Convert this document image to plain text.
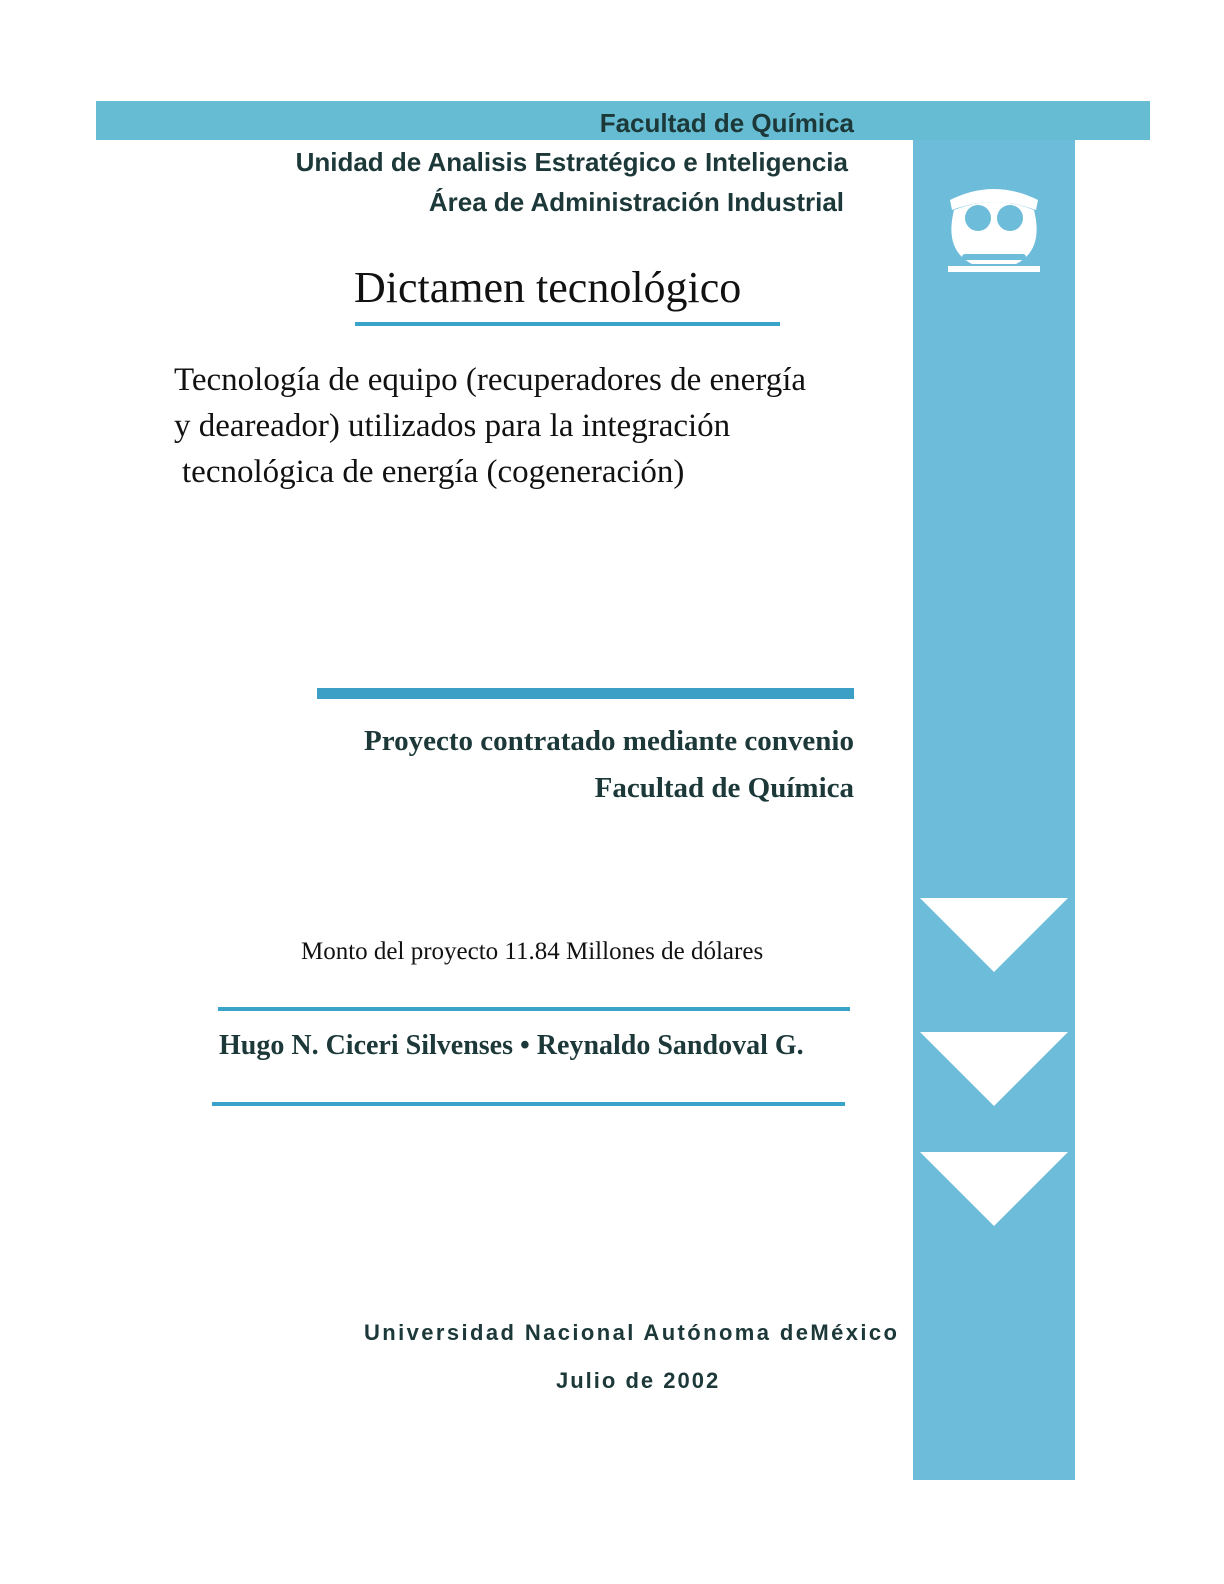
Facultad de Química
Unidad de Analisis Estratégico e Inteligencia
Área de Administración Industrial
Dictamen tecnológico
Tecnología de equipo (recuperadores de energía
y deareador) utilizados para la integración
tecnológica de energía (cogeneración)
Proyecto contratado mediante convenio
Facultad de Química
Monto del proyecto 11.84 Millones de dólares
Hugo N. Ciceri Silvenses • Reynaldo Sandoval G.
Universidad Nacional Autónoma deMéxico
Julio de 2002
